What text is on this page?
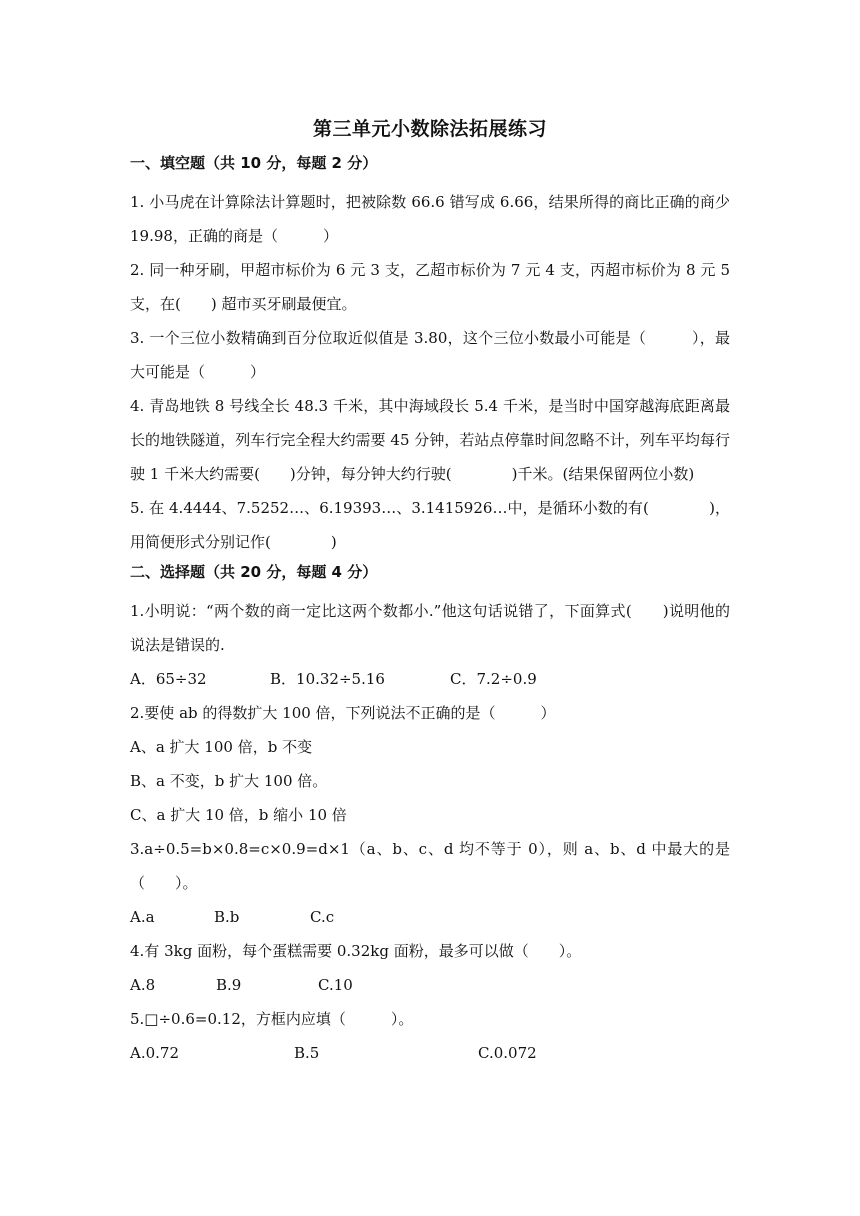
第三单元小数除法拓展练习
一、填空题（共 10 分，每题 2 分）
1. 小马虎在计算除法计算题时，把被除数 66.6 错写成 6.66，结果所得的商比正确的商少 19.98，正确的商是（　　　）
2. 同一种牙刷，甲超市标价为 6 元 3 支，乙超市标价为 7 元 4 支，丙超市标价为 8 元 5 支，在(　　) 超市买牙刷最便宜。
3. 一个三位小数精确到百分位取近似值是 3.80，这个三位小数最小可能是（　　　），最大可能是（　　　）
4. 青岛地铁 8 号线全长 48.3 千米，其中海域段长 5.4 千米，是当时中国穿越海底距离最长的地铁隧道，列车行完全程大约需要 45 分钟，若站点停靠时间忽略不计，列车平均每行驶 1 千米大约需要(　　)分钟，每分钟大约行驶(　　　　)千米。(结果保留两位小数)
5. 在 4.4444、7.5252…、6.19393…、3.1415926…中，是循环小数的有(　　　　)，用简便形式分别记作(　　　　)
二、选择题（共 20 分，每题 4 分）
1.小明说：“两个数的商一定比这两个数都小.”他这句话说错了，下面算式(　　)说明他的说法是错误的.
A．65÷32	B．10.32÷5.16	C．7.2÷0.9
2.要使 ab 的得数扩大 100 倍，下列说法不正确的是（　　　）
A、a 扩大 100 倍，b 不变
B、a 不变，b 扩大 100 倍。
C、a 扩大 10 倍，b 缩小 10 倍
3.a÷0.5=b×0.8=c×0.9=d×1（a、b、c、d 均不等于 0），则 a、b、d 中最大的是（　　）。
A.a	B.b	C.c
4.有 3kg 面粉，每个蛋糕需要 0.32kg 面粉，最多可以做（　　）。
A.8	B.9	C.10
5.□÷0.6=0.12，方框内应填（　　　）。
A.0.72	B.5	C.0.072
